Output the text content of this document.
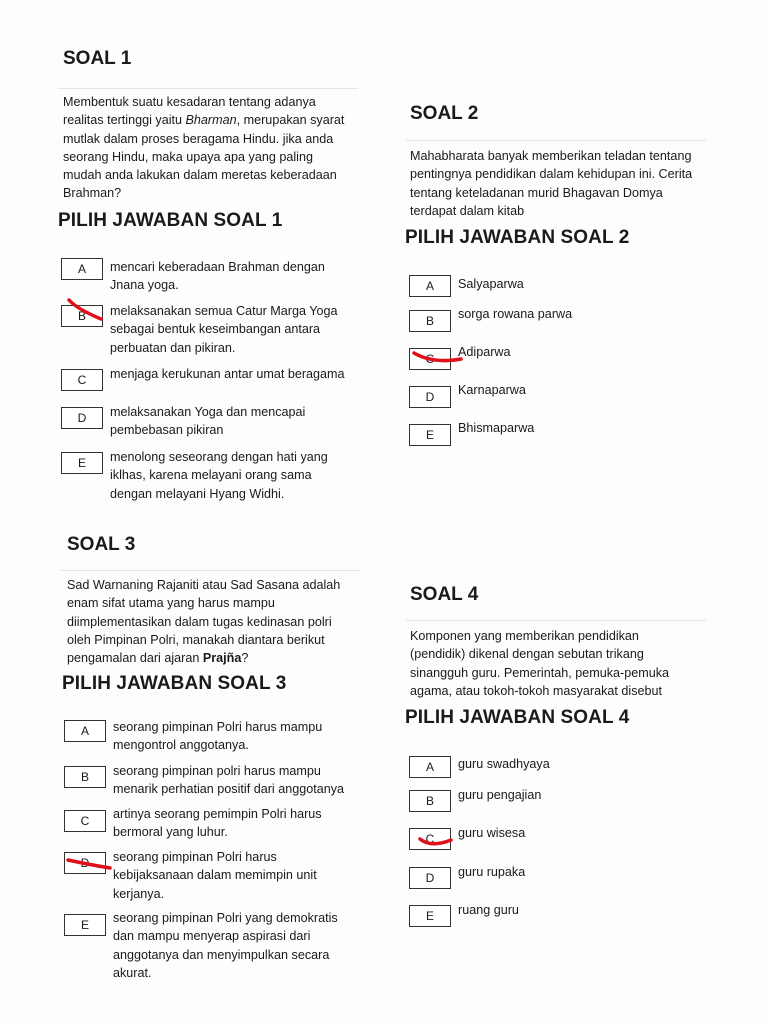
SOAL 1
Membentuk suatu kesadaran tentang adanya
realitas tertinggi yaitu Bharman, merupakan syarat
mutlak dalam proses beragama Hindu. jika anda
seorang Hindu, maka upaya apa yang paling
mudah anda lakukan dalam meretas keberadaan
Brahman?
PILIH JAWABAN SOAL 1
A	mencari keberadaan Brahman dengan
Jnana yoga.
B	melaksanakan semua Catur Marga Yoga
sebagai bentuk keseimbangan antara
perbuatan dan pikiran.
C	menjaga kerukunan antar umat beragama
D	melaksanakan Yoga dan mencapai
pembebasan pikiran
E	menolong seseorang dengan hati yang
iklhas, karena melayani orang sama
dengan melayani Hyang Widhi.
SOAL 2
Mahabharata banyak memberikan teladan tentang
pentingnya pendidikan dalam kehidupan ini. Cerita
tentang keteladanan murid Bhagavan Domya
terdapat dalam kitab
PILIH JAWABAN SOAL 2
A	Salyaparwa
B	sorga rowana parwa
C	Adiparwa
D	Karnaparwa
E	Bhismaparwa
SOAL 3
Sad Warnaning Rajaniti atau Sad Sasana adalah
enam sifat utama yang harus mampu
diimplementasikan dalam tugas kedinasan polri
oleh Pimpinan Polri, manakah diantara berikut
pengamalan dari ajaran Prajña?
PILIH JAWABAN SOAL 3
A	seorang pimpinan Polri harus mampu
mengontrol anggotanya.
B	seorang pimpinan polri harus mampu
menarik perhatian positif dari anggotanya
C	artinya seorang pemimpin Polri harus
bermoral yang luhur.
D	seorang pimpinan Polri harus
kebijaksanaan dalam memimpin unit
kerjanya.
E	seorang pimpinan Polri yang demokratis
dan mampu menyerap aspirasi dari
anggotanya dan menyimpulkan secara
akurat.
SOAL 4
Komponen yang memberikan pendidikan
(pendidik) dikenal dengan sebutan trikang
sinangguh guru. Pemerintah, pemuka-pemuka
agama, atau tokoh-tokoh masyarakat disebut
PILIH JAWABAN SOAL 4
A	guru swadhyaya
B	guru pengajian
C	guru wisesa
D	guru rupaka
E	ruang guru
